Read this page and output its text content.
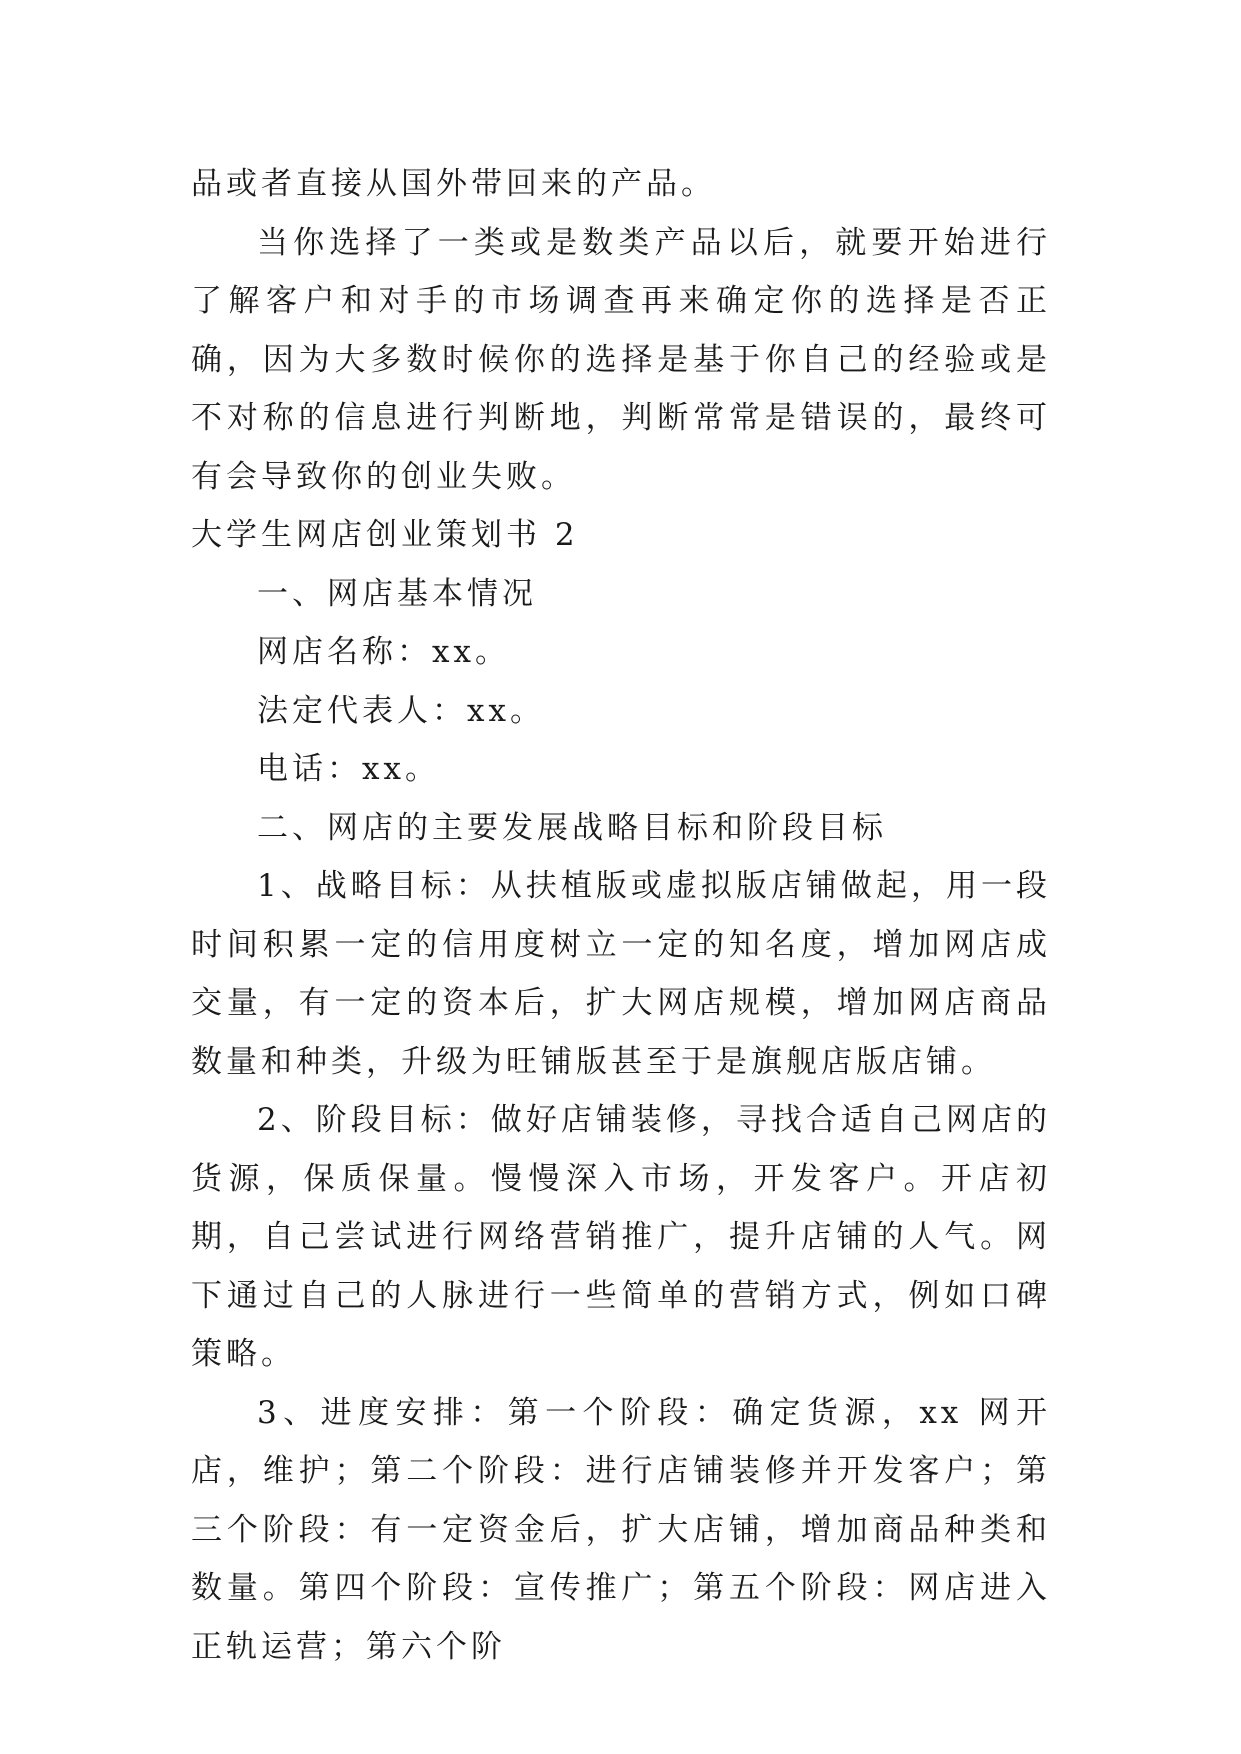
品或者直接从国外带回来的产品。

当你选择了一类或是数类产品以后，就要开始进行了解客户和对手的市场调查再来确定你的选择是否正确，因为大多数时候你的选择是基于你自己的经验或是不对称的信息进行判断地，判断常常是错误的，最终可有会导致你的创业失败。

大学生网店创业策划书 2

一、网店基本情况

网店名称：xx。

法定代表人：xx。

电话：xx。

二、网店的主要发展战略目标和阶段目标

1、战略目标：从扶植版或虚拟版店铺做起，用一段时间积累一定的信用度树立一定的知名度，增加网店成交量，有一定的资本后，扩大网店规模，增加网店商品数量和种类，升级为旺铺版甚至于是旗舰店版店铺。

2、阶段目标：做好店铺装修，寻找合适自己网店的货源，保质保量。慢慢深入市场，开发客户。开店初期，自己尝试进行网络营销推广，提升店铺的人气。网下通过自己的人脉进行一些简单的营销方式，例如口碑策略。

3、进度安排：第一个阶段：确定货源，xx 网开店，维护；第二个阶段：进行店铺装修并开发客户；第三个阶段：有一定资金后，扩大店铺，增加商品种类和数量。第四个阶段：宣传推广；第五个阶段：网店进入正轨运营；第六个阶
